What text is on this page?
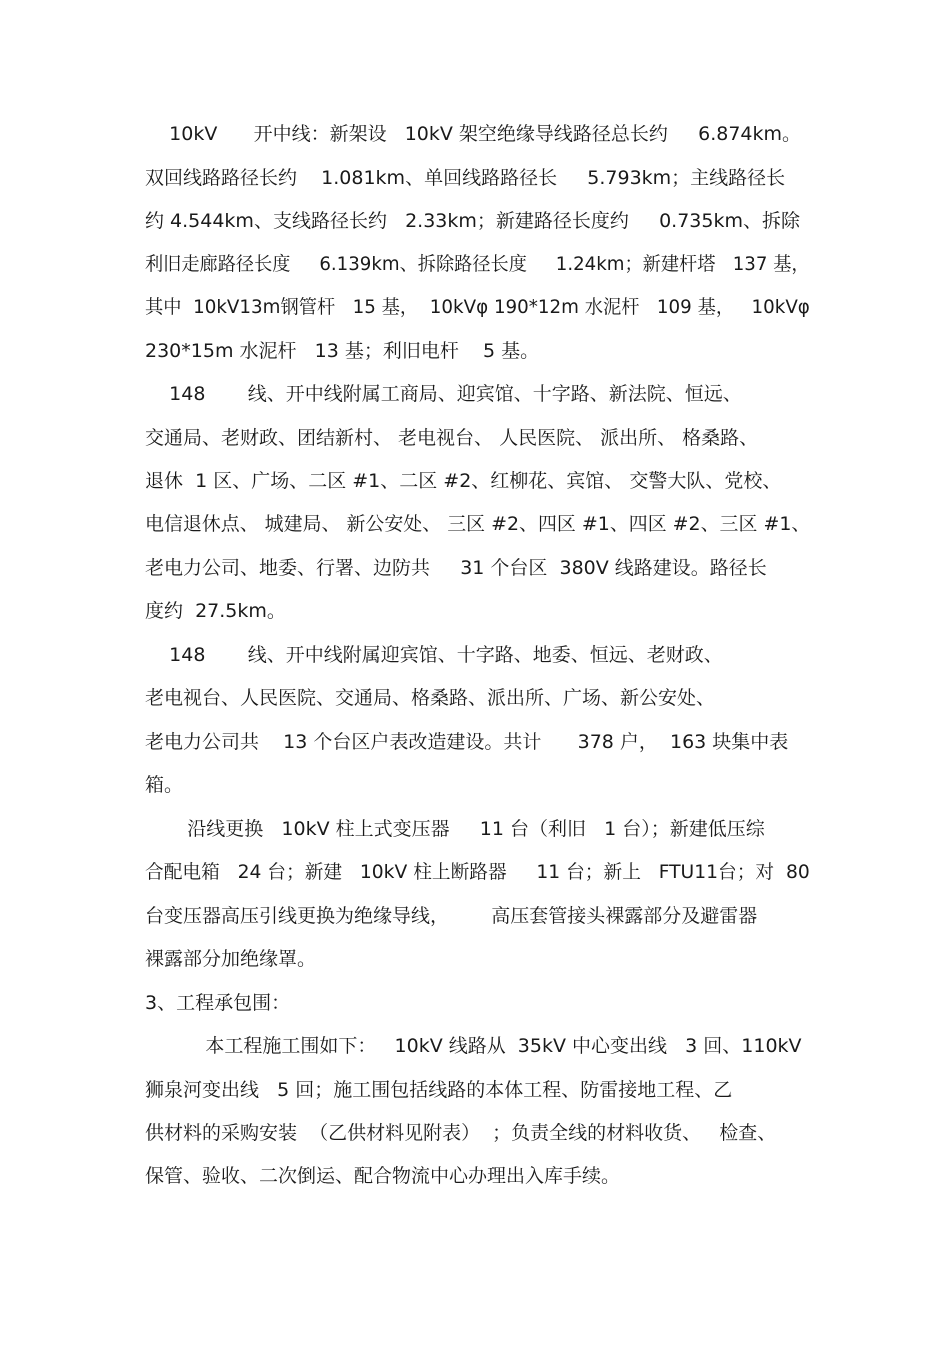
10kV      开中线：新架设   10kV 架空绝缘导线路径总长约     6.874km。
双回线路路径长约    1.081km、单回线路路径长     5.793km；主线路径长
约 4.544km、支线路径长约   2.33km；新建路径长度约     0.735km、拆除
利旧走廊路径长度     6.139km、拆除路径长度     1.24km；新建杆塔   137 基，
其中  10kV13m钢管杆   15 基，  10kVφ 190*12m 水泥杆   109 基，   10kVφ
230*15m 水泥杆   13 基；利旧电杆    5 基。
148       线、开中线附属工商局、迎宾馆、十字路、新法院、恒远、
交通局、老财政、团结新村、 老电视台、 人民医院、 派出所、 格桑路、
退休  1 区、广场、二区 #1、二区 #2、红柳花、宾馆、 交警大队、党校、
电信退休点、 城建局、 新公安处、 三区 #2、四区 #1、四区 #2、三区 #1、
老电力公司、地委、行署、边防共     31 个台区  380V 线路建设。路径长
度约  27.5km。
148       线、开中线附属迎宾馆、十字路、地委、恒远、老财政、
老电视台、人民医院、交通局、格桑路、派出所、广场、新公安处、
老电力公司共    13 个台区户表改造建设。共计      378 户，  163 块集中表
箱。
沿线更换   10kV 柱上式变压器     11 台（利旧   1 台）；新建低压综
合配电箱   24 台；新建   10kV 柱上断路器     11 台；新上   FTU11台；对  80
台变压器高压引线更换为绝缘导线，       高压套管接头裸露部分及避雷器
裸露部分加绝缘罩。
3、工程承包围：
本工程施工围如下：   10kV 线路从  35kV 中心变出线   3 回、110kV
狮泉河变出线   5 回；施工围包括线路的本体工程、防雷接地工程、乙
供材料的采购安装  （乙供材料见附表）  ；负责全线的材料收货、   检查、
保管、验收、二次倒运、配合物流中心办理出入库手续。
